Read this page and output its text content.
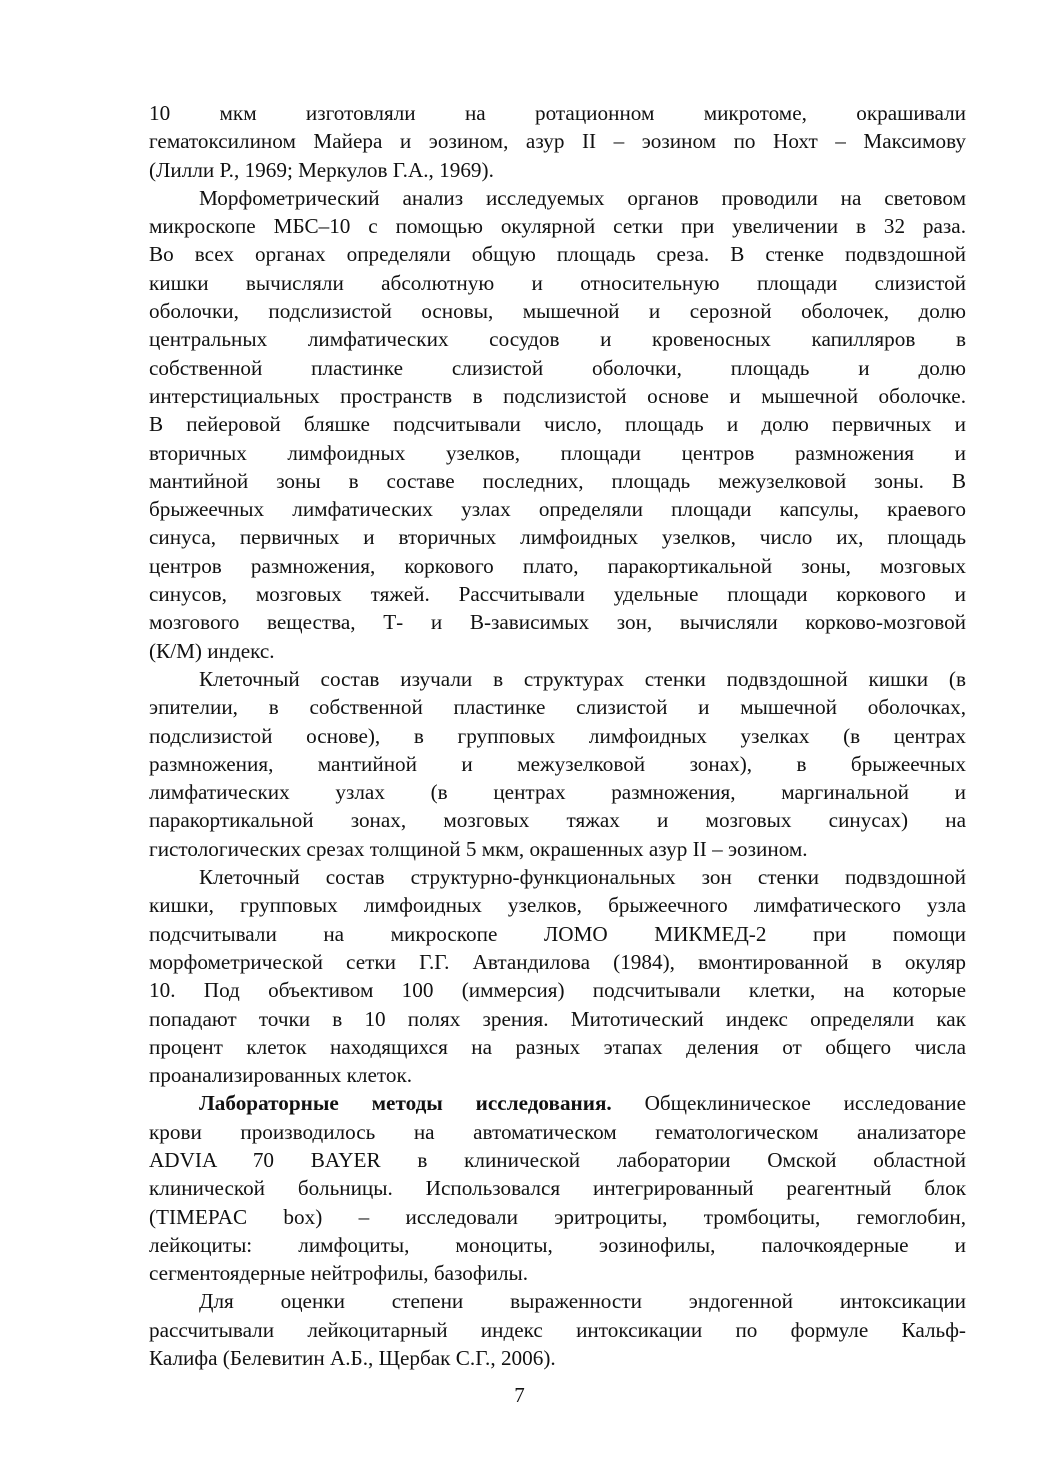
10 мкм изготовляли на ротационном микротоме, окрашивали
гематоксилином Майера и эозином, азур II – эозином по Нохт – Максимову
(Лилли Р., 1969; Меркулов Г.А., 1969).
Морфометрический анализ исследуемых органов проводили на световом
микроскопе МБС–10 с помощью окулярной сетки при увеличении в 32 раза.
Во всех органах определяли общую площадь среза. В стенке подвздошной
кишки вычисляли абсолютную и относительную площади слизистой
оболочки, подслизистой основы, мышечной и серозной оболочек, долю
центральных лимфатических сосудов и кровеносных капилляров в
собственной пластинке слизистой оболочки, площадь и долю
интерстициальных пространств в подслизистой основе и мышечной оболочке.
В пейеровой бляшке подсчитывали число, площадь и долю первичных и
вторичных лимфоидных узелков, площади центров размножения и
мантийной зоны в составе последних, площадь межузелковой зоны. В
брыжеечных лимфатических узлах определяли площади капсулы, краевого
синуса, первичных и вторичных лимфоидных узелков, число их, площадь
центров размножения, коркового плато, паракортикальной зоны, мозговых
синусов, мозговых тяжей. Рассчитывали удельные площади коркового и
мозгового вещества, Т- и В-зависимых зон, вычисляли корково-мозговой
(К/М) индекс.
Клеточный состав изучали в структурах стенки подвздошной кишки (в
эпителии, в собственной пластинке слизистой и мышечной оболочках,
подслизистой основе), в групповых лимфоидных узелках (в центрах
размножения, мантийной и межузелковой зонах), в брыжеечных
лимфатических узлах (в центрах размножения, маргинальной и
паракортикальной зонах, мозговых тяжах и мозговых синусах) на
гистологических срезах толщиной 5 мкм, окрашенных азур II – эозином.
Клеточный состав структурно-функциональных зон стенки подвздошной
кишки, групповых лимфоидных узелков, брыжеечного лимфатического узла
подсчитывали на микроскопе ЛОМО МИКМЕД-2 при помощи
морфометрической сетки Г.Г. Автандилова (1984), вмонтированной в окуляр
10. Под объективом 100 (иммерсия) подсчитывали клетки, на которые
попадают точки в 10 полях зрения. Митотический индекс определяли как
процент клеток находящихся на разных этапах деления от общего числа
проанализированных клеток.
Лабораторные методы исследования. Общеклиническое исследование
крови производилось на автоматическом гематологическом анализаторе
ADVIA 70 BAYER в клинической лаборатории Омской областной
клинической больницы. Использовался интегрированный реагентный блок
(TIMEPAC box) – исследовали эритроциты, тромбоциты, гемоглобин,
лейкоциты: лимфоциты, моноциты, эозинофилы, палочкоядерные и
сегментоядерные нейтрофилы, базофилы.
Для оценки степени выраженности эндогенной интоксикации
рассчитывали лейкоцитарный индекс интоксикации по формуле Кальф-
Калифа (Белевитин А.Б., Щербак С.Г., 2006).
7
